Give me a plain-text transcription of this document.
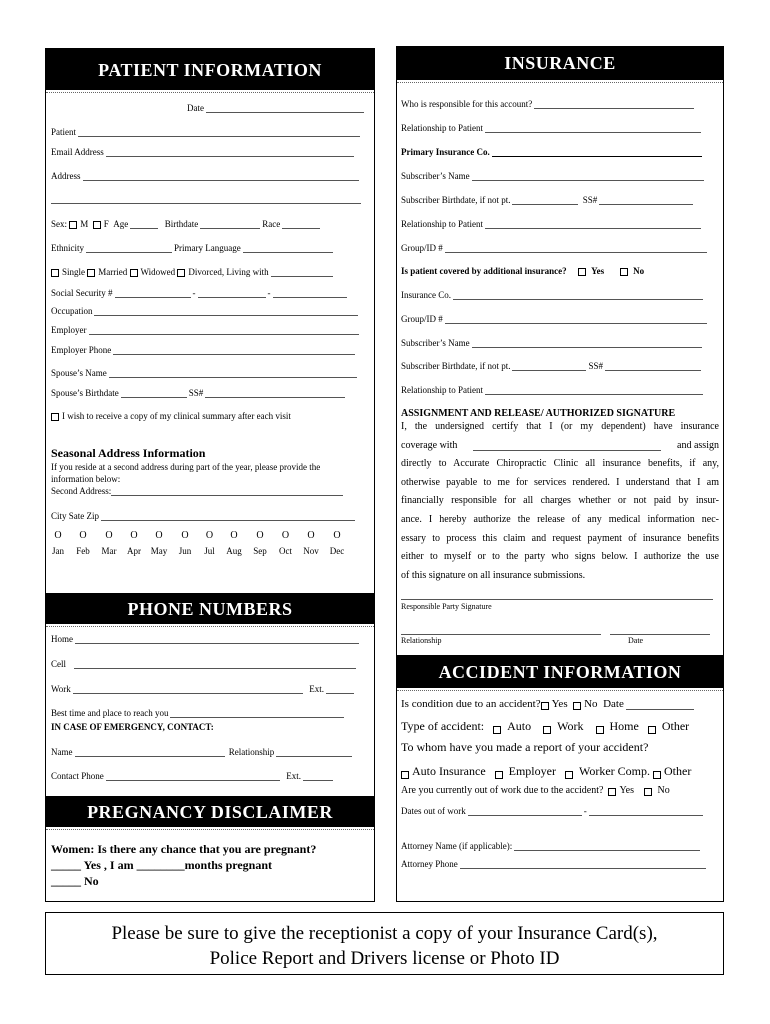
PATIENT INFORMATION
Date
Patient
Email Address
Address
Sex:
M
F
Age
	Birthdate	Race
Ethnicity	Primary Language
Single
Married
Widowed
Divorced, Living with
Social Security #	-	-
Occupation
Employer
Employer Phone
Spouse’s Name
Spouse’s Birthdate	SS#
I wish to receive a copy of my clinical summary after each visit
Seasonal Address Information
If you reside at a second address during part of the year, please provide the
information below:
Second Address:
City Sate Zip
O	O	O	O	O	O	O	O	O	O	O	O
Jan	Feb	Mar	Apr	May	Jun	Jul	Aug	Sep	Oct	Nov	Dec
PHONE NUMBERS
Home
Cell
Work
	Ext.
Best time and place to reach you
IN CASE OF EMERGENCY, CONTACT:
Name
	Relationship
Contact Phone
	Ext.
PREGNANCY DISCLAIMER
Women: Is there any chance that you are pregnant?
_____ Yes , I am ________months pregnant
_____ No
INSURANCE
Who is responsible for this account?
Relationship to Patient
Primary Insurance Co.
Subscriber’s Name
Subscriber Birthdate, if not pt.
	SS#
Relationship to Patient
Group/ID #
Is patient covered by additional insurance?

	Yes

	No
Insurance Co.
Group/ID #
Subscriber’s Name
Subscriber Birthdate, if not pt.	SS#
Relationship to Patient
ASSIGNMENT AND RELEASE/ AUTHORIZED SIGNATURE
I, the undersigned certify that I (or my dependent) have insurance
coverage with	and assign
directly to Accurate Chiropractic Clinic all insurance benefits, if any,
otherwise payable to me for services rendered. I understand that I am
financially responsible for all charges whether or not paid by insur-
ance. I hereby authorize the release of any medical information nec-
essary to process this claim and request payment of insurance benefits
either to myself or to the party who signs below. I authorize the use
of this signature on all insurance submissions.
Responsible Party Signature
Relationship	Date
ACCIDENT INFORMATION
Is condition due to an accident? Yes
No
Date
Type of accident:

Auto

Work

Home

Other
To whom have you made a report of your accident?
Auto Insurance

Employer

Worker Comp.
Other
Are you currently out of work due to the accident?
Yes

No
Dates out of work	-
Attorney Name (if applicable):
Attorney Phone
Please be sure to give the receptionist a copy of your Insurance Card(s),
Police Report and Drivers license or Photo ID
